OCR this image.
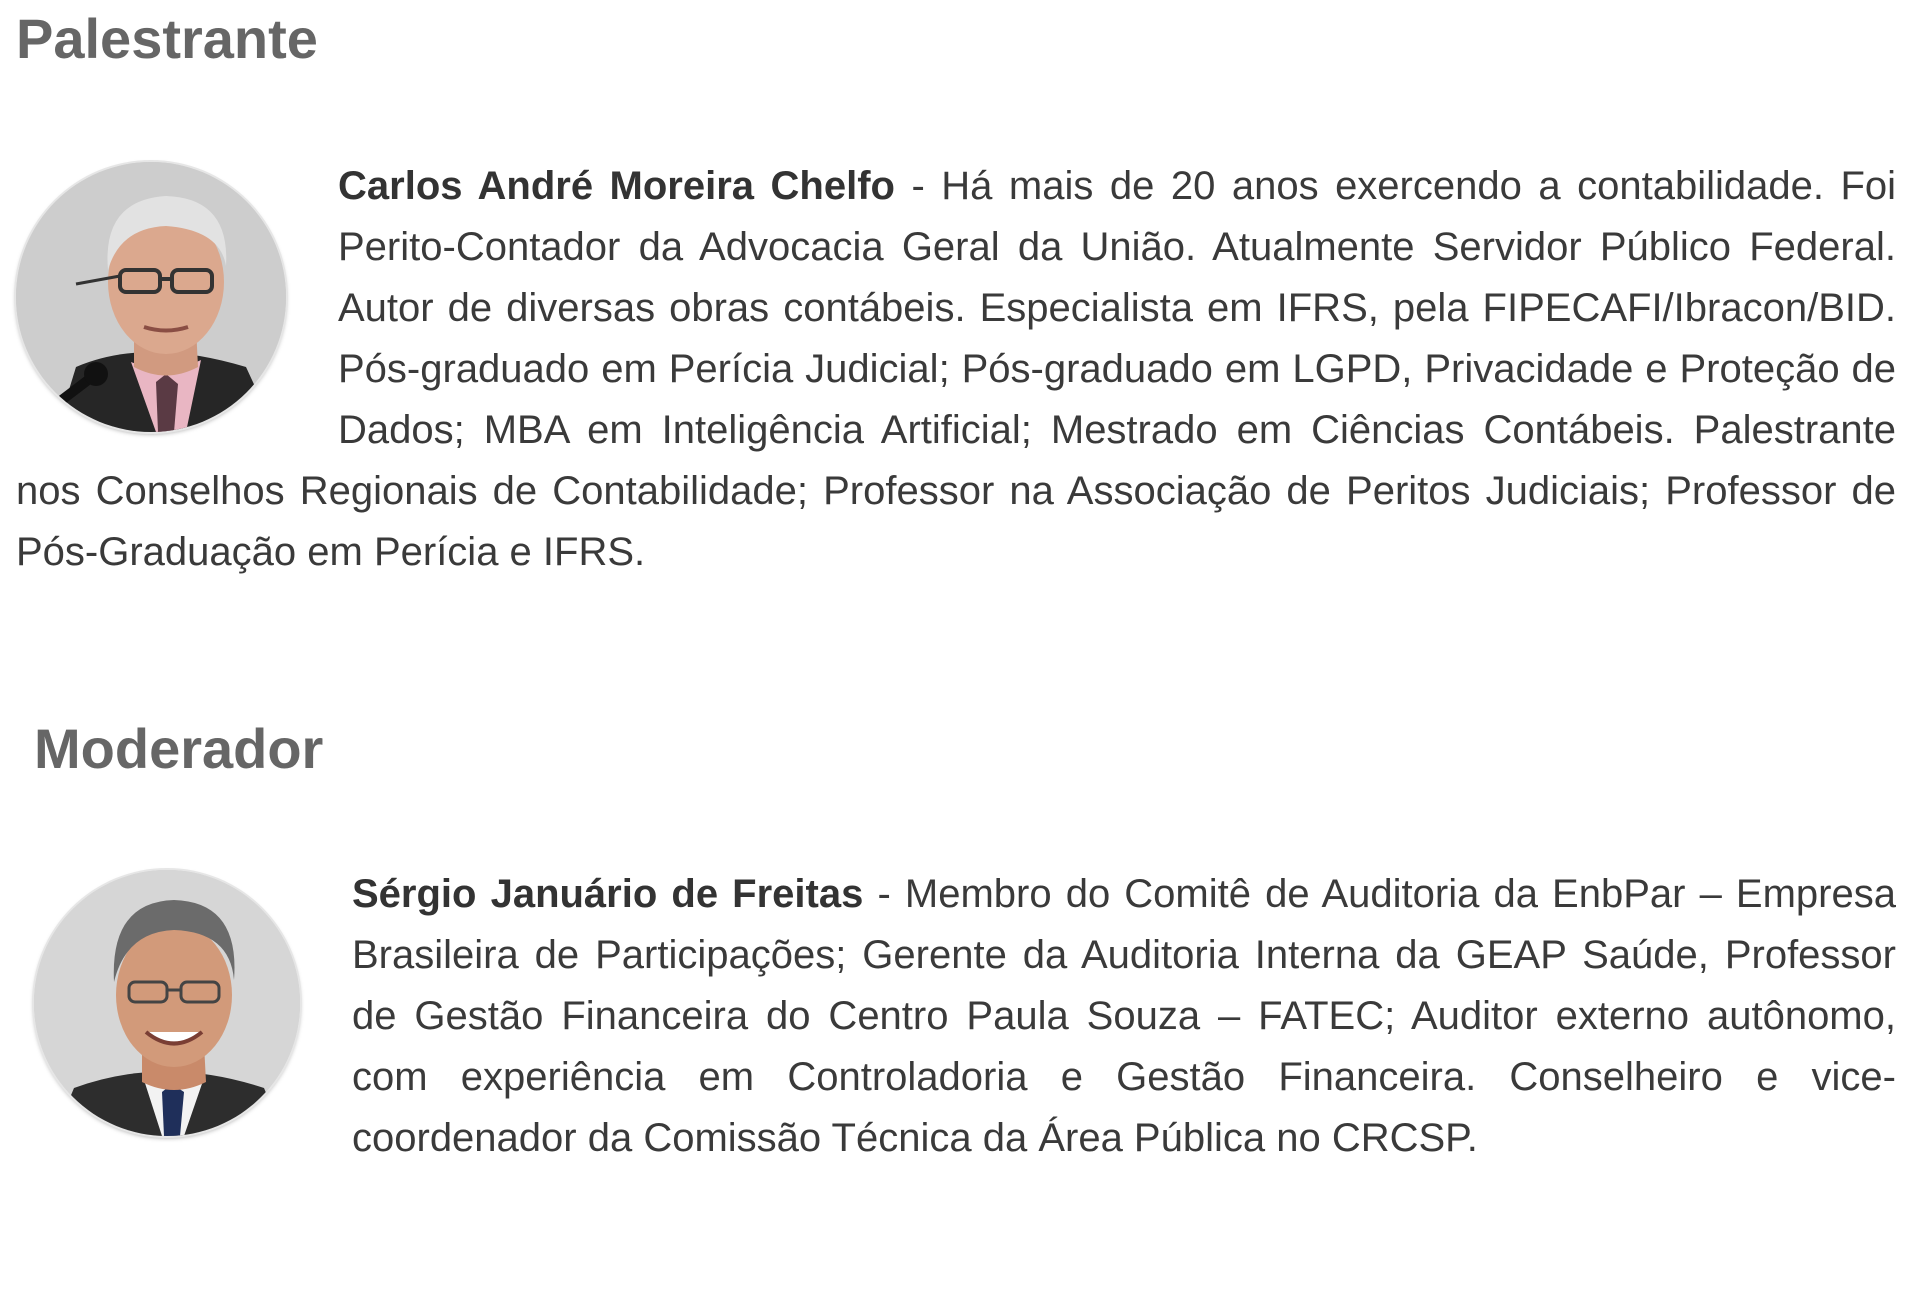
Palestrante

Carlos André Moreira Chelfo - Há mais de 20 anos exercendo a contabilidade. Foi Perito-Contador da Advocacia Geral da União. Atualmente Servidor Público Federal. Autor de diversas obras contábeis. Especialista em IFRS, pela FIPECAFI/Ibracon/BID. Pós-graduado em Perícia Judicial; Pós-graduado em LGPD, Privacidade e Proteção de Dados; MBA em Inteligência Artificial; Mestrado em Ciências Contábeis. Palestrante nos Conselhos Regionais de Contabilidade; Professor na Associação de Peritos Judiciais; Professor de Pós-Graduação em Perícia e IFRS.

Moderador

Sérgio Januário de Freitas - Membro do Comitê de Auditoria da EnbPar – Empresa Brasileira de Participações; Gerente da Auditoria Interna da GEAP Saúde, Professor de Gestão Financeira do Centro Paula Souza – FATEC; Auditor externo autônomo, com experiência em Controladoria e Gestão Financeira. Conselheiro e vice-coordenador da Comissão Técnica da Área Pública no CRCSP.
